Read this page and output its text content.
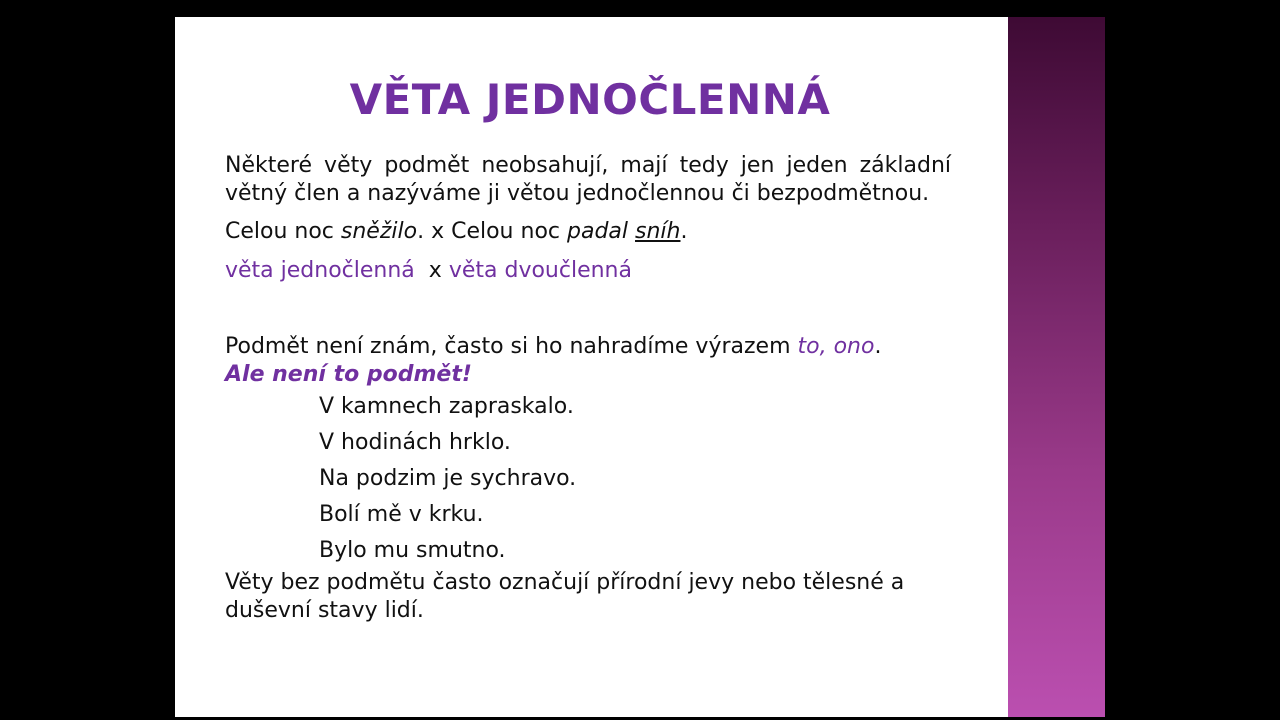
VĚTA JEDNOČLENNÁ

Některé věty podmět neobsahují, mají tedy jen jeden základní větný člen a nazýváme ji větou jednočlennou či bezpodmětnou.

Celou noc sněžilo. x Celou noc padal sníh.

věta jednočlenná x věta dvoučlenná

Podmět není znám, často si ho nahradíme výrazem to, ono.

Ale není to podmět!

V kamnech zapraskalo.

V hodinách hrklo.

Na podzim je sychravo.

Bolí mě v krku.

Bylo mu smutno.

Věty bez podmětu často označují přírodní jevy nebo tělesné a duševní stavy lidí.
